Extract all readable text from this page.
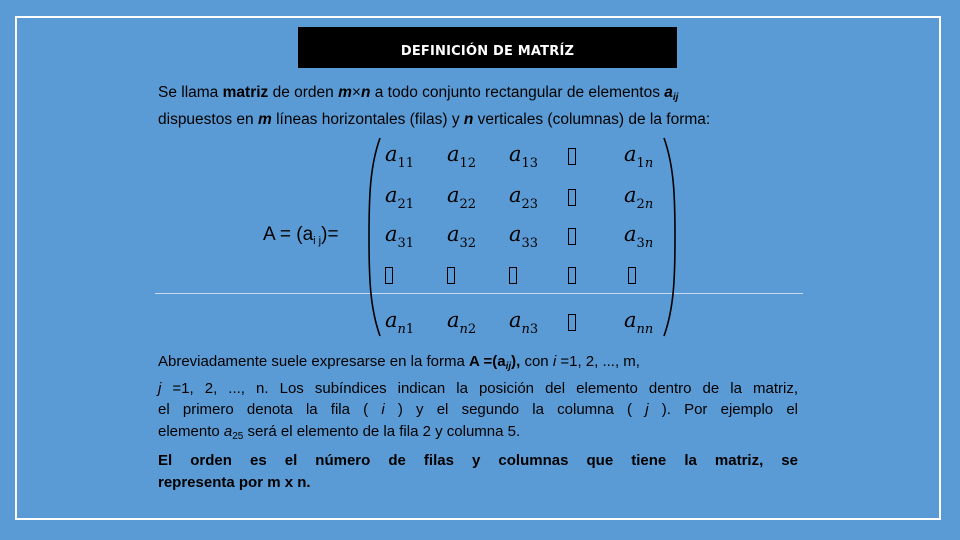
DEFINICIÓN DE MATRÍZ
Se llama matriz de orden m×n a todo conjunto rectangular de elementos $a_{ij}$
dispuestos en m líneas horizontales (filas) y n verticales (columnas) de la forma:
$A = (a_{i j})=$
$a_{11}$ $a_{12}$ $a_{13}$	$a_{1n}$
$a_{21}$ $a_{22}$ $a_{23}$	$a_{2n}$
$a_{31}$ $a_{32}$ $a_{33}$	$a_{3n}$
$a_{n1}$ $a_{n2}$ $a_{n3}$	$a_{nn}$
Abreviadamente suele expresarse en la forma $A =(a_{ij})$, con i =1, 2, ..., m,
j =1, 2, ..., n. Los subíndices indican la posición del elemento dentro de la matriz,
el primero denota la fila ( i ) y el segundo la columna ( j ). Por ejemplo el
elemento $a_{25}$ será el elemento de la fila 2 y columna 5.
El orden es el número de filas y columnas que tiene la matriz, se
representa por m x n.
